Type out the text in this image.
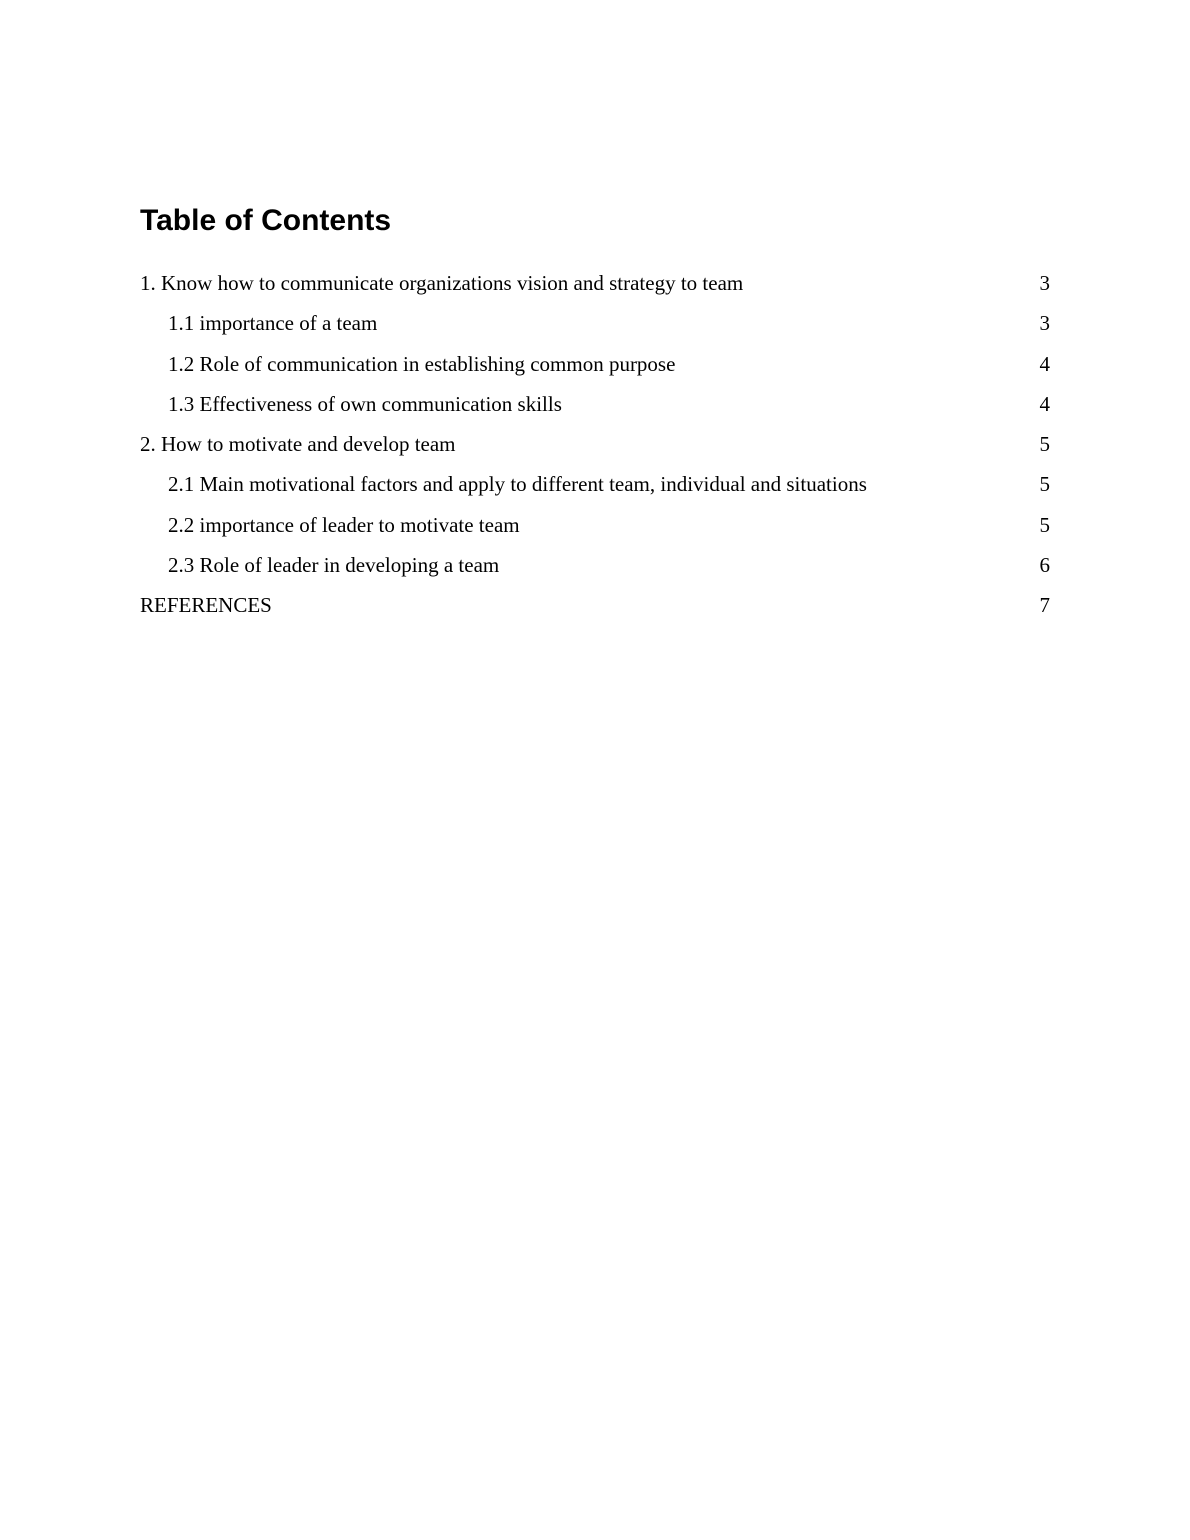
Table of Contents
1. Know how to communicate organizations vision and strategy to team	3
1.1 importance of a team	3
1.2 Role of communication in establishing common purpose	4
1.3 Effectiveness of own communication skills	4
2. How to motivate and develop team	5
2.1 Main motivational factors and apply to different team, individual and situations	5
2.2 importance of leader to motivate team	5
2.3 Role of leader in developing a team	6
REFERENCES	7
